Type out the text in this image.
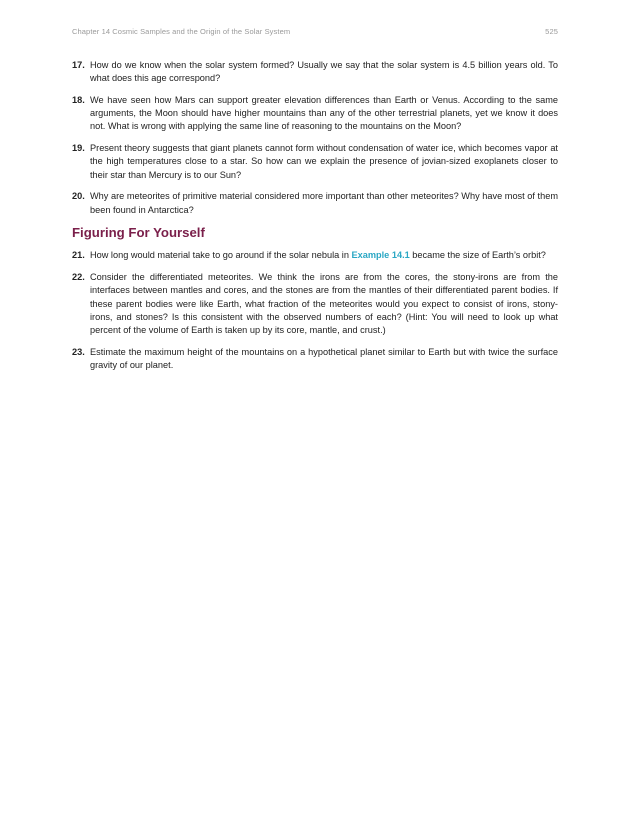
Chapter 14 Cosmic Samples and the Origin of the Solar System	525
17. How do we know when the solar system formed? Usually we say that the solar system is 4.5 billion years old. To what does this age correspond?
18. We have seen how Mars can support greater elevation differences than Earth or Venus. According to the same arguments, the Moon should have higher mountains than any of the other terrestrial planets, yet we know it does not. What is wrong with applying the same line of reasoning to the mountains on the Moon?
19. Present theory suggests that giant planets cannot form without condensation of water ice, which becomes vapor at the high temperatures close to a star. So how can we explain the presence of jovian-sized exoplanets closer to their star than Mercury is to our Sun?
20. Why are meteorites of primitive material considered more important than other meteorites? Why have most of them been found in Antarctica?
Figuring For Yourself
21. How long would material take to go around if the solar nebula in Example 14.1 became the size of Earth’s orbit?
22. Consider the differentiated meteorites. We think the irons are from the cores, the stony-irons are from the interfaces between mantles and cores, and the stones are from the mantles of their differentiated parent bodies. If these parent bodies were like Earth, what fraction of the meteorites would you expect to consist of irons, stony-irons, and stones? Is this consistent with the observed numbers of each? (Hint: You will need to look up what percent of the volume of Earth is taken up by its core, mantle, and crust.)
23. Estimate the maximum height of the mountains on a hypothetical planet similar to Earth but with twice the surface gravity of our planet.
